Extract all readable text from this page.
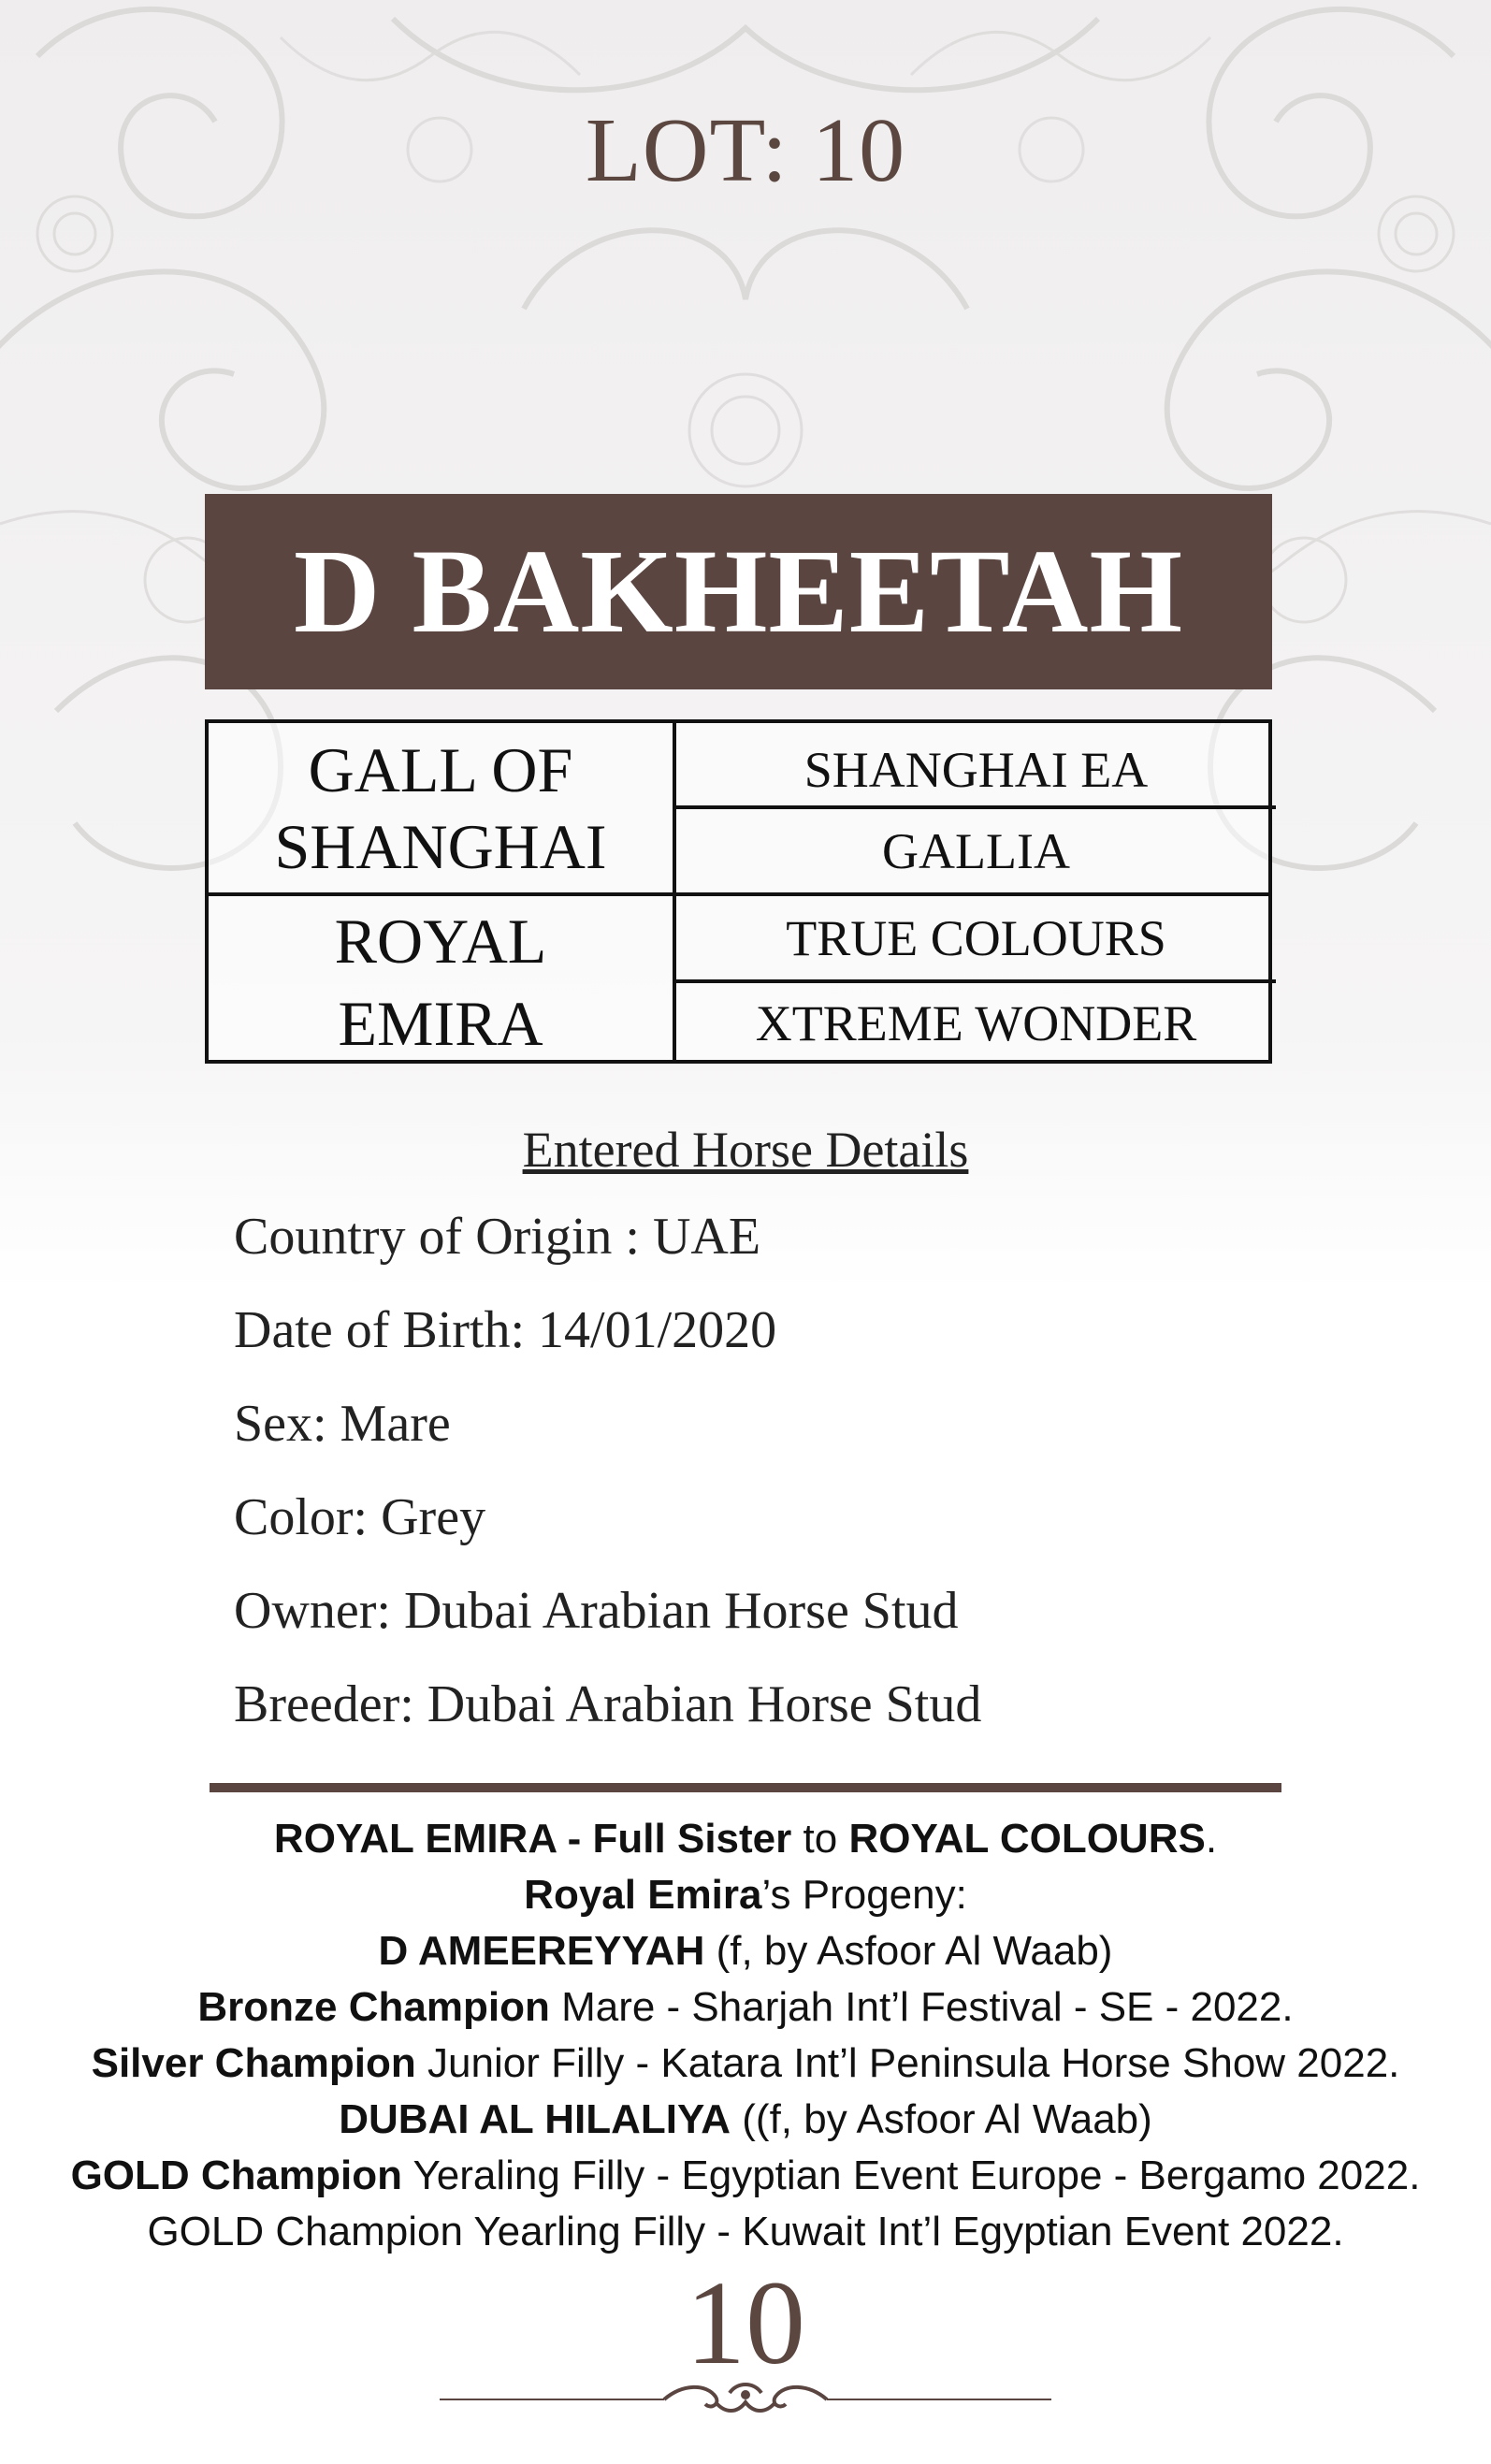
LOT: 10
D BAKHEETAH
GALL OF
SHANGHAI
SHANGHAI EA
GALLIA
ROYAL
EMIRA
TRUE COLOURS
XTREME WONDER
Entered Horse Details
Country of Origin : UAE
Date of Birth: 14/01/2020
Sex: Mare
Color: Grey
Owner: Dubai Arabian Horse Stud
Breeder: Dubai Arabian Horse Stud
ROYAL EMIRA - Full Sister to ROYAL COLOURS.
Royal Emira’s Progeny:
D AMEEREYYAH (f, by Asfoor Al Waab)
Bronze Champion Mare - Sharjah Int’l Festival - SE - 2022.
Silver Champion Junior Filly - Katara Int’l Peninsula Horse Show 2022.
DUBAI AL HILALIYA ((f, by Asfoor Al Waab)
GOLD Champion Yeraling Filly - Egyptian Event Europe - Bergamo 2022.
GOLD Champion Yearling Filly - Kuwait Int’l Egyptian Event 2022.
10
